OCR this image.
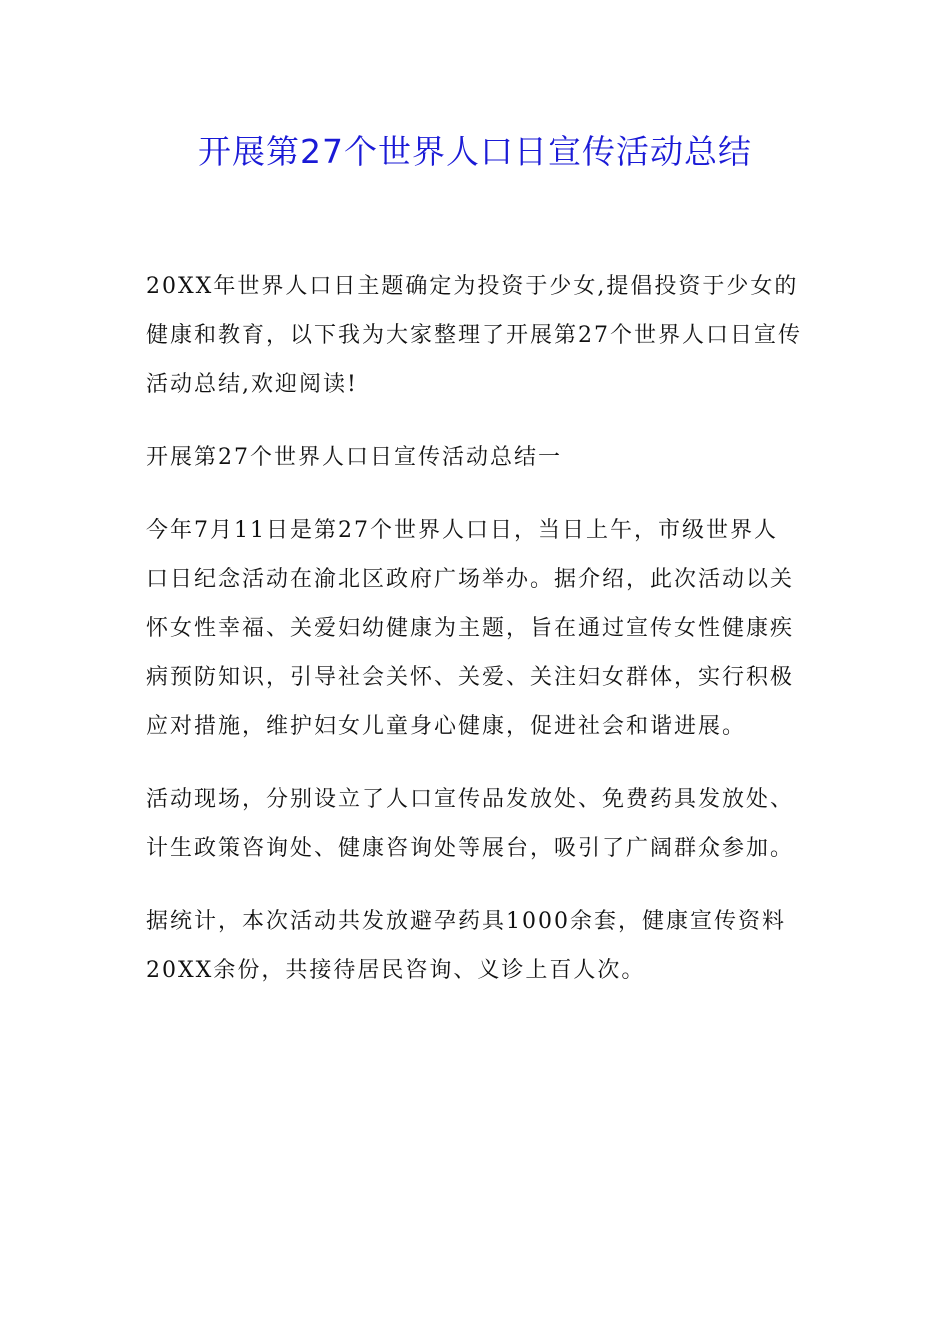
开展第27个世界人口日宣传活动总结
20XX年世界人口日主题确定为投资于少女,提倡投资于少女的
健康和教育，以下我为大家整理了开展第27个世界人口日宣传
活动总结,欢迎阅读!
开展第27个世界人口日宣传活动总结一
今年7月11日是第27个世界人口日，当日上午，市级世界人
口日纪念活动在渝北区政府广场举办。据介绍，此次活动以关
怀女性幸福、关爱妇幼健康为主题，旨在通过宣传女性健康疾
病预防知识，引导社会关怀、关爱、关注妇女群体，实行积极
应对措施，维护妇女儿童身心健康，促进社会和谐进展。
活动现场，分别设立了人口宣传品发放处、免费药具发放处、
计生政策咨询处、健康咨询处等展台，吸引了广阔群众参加。
据统计，本次活动共发放避孕药具1000余套，健康宣传资料
20XX余份，共接待居民咨询、义诊上百人次。
